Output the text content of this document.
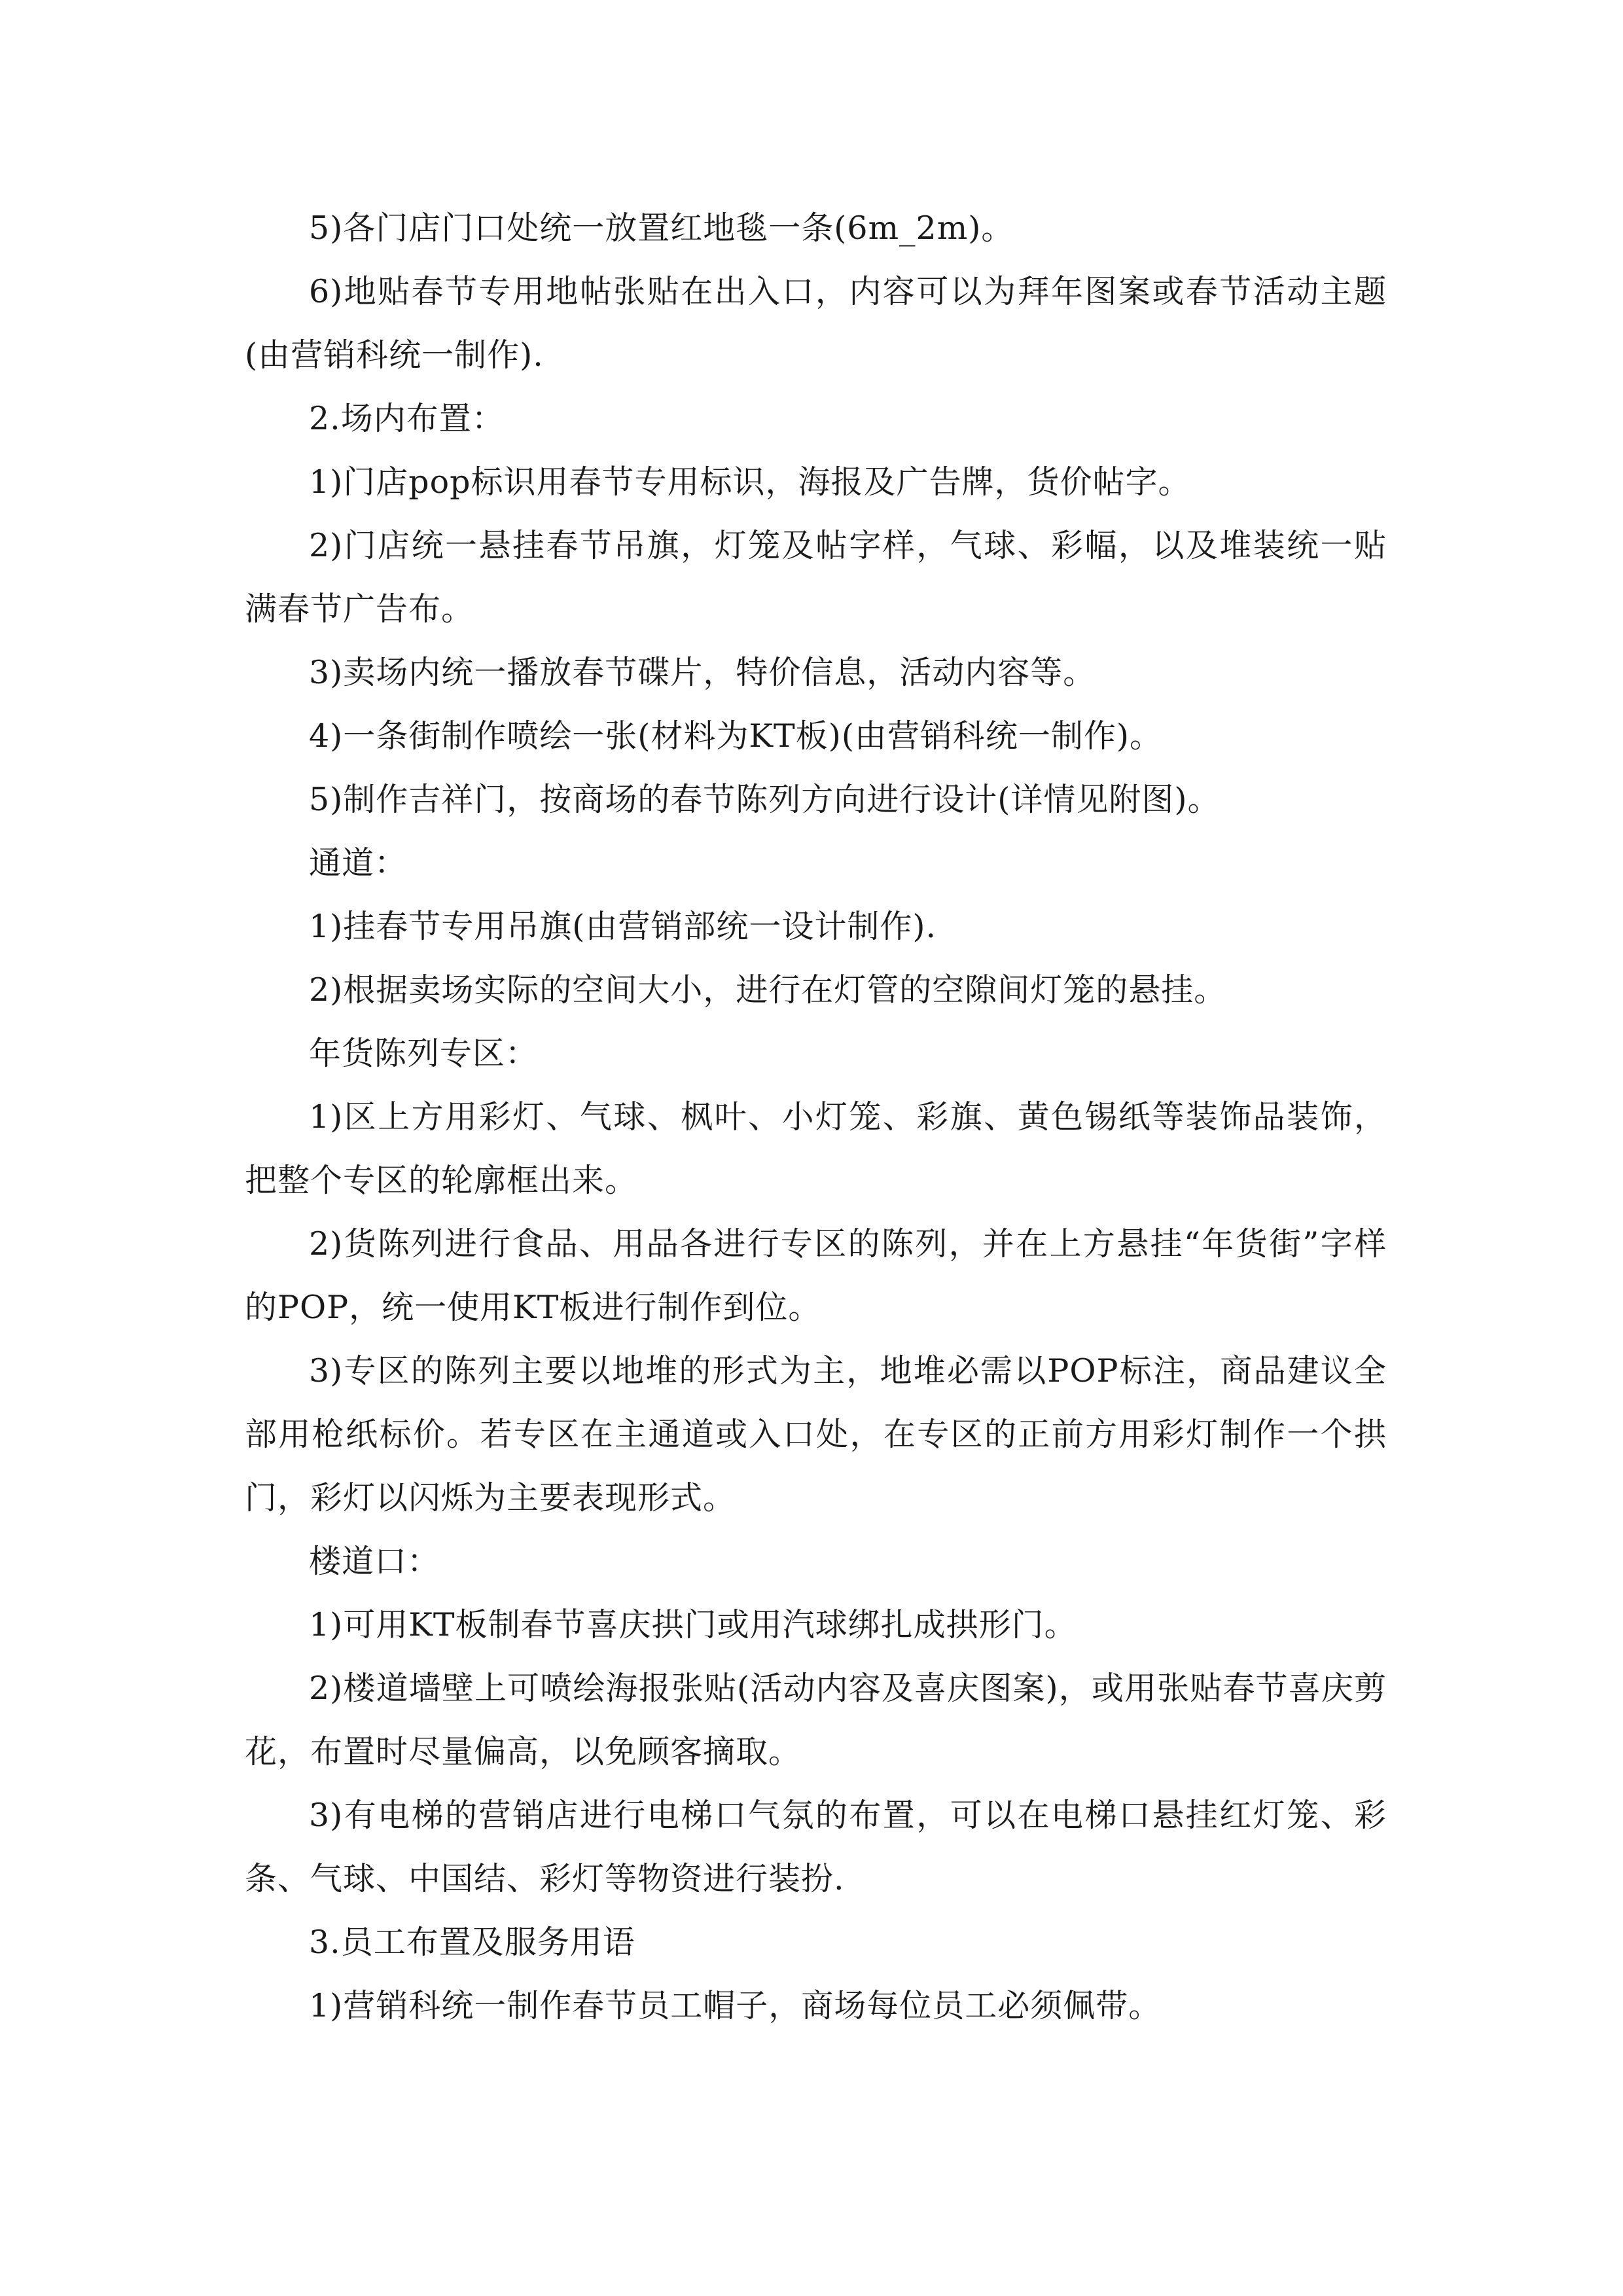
5)各门店门口处统一放置红地毯一条(6m_2m)。

6)地贴春节专用地帖张贴在出入口，内容可以为拜年图案或春节活动主题(由营销科统一制作).

2.场内布置：

1)门店pop标识用春节专用标识，海报及广告牌，货价帖字。

2)门店统一悬挂春节吊旗，灯笼及帖字样，气球、彩幅，以及堆装统一贴满春节广告布。

3)卖场内统一播放春节碟片，特价信息，活动内容等。

4)一条街制作喷绘一张(材料为KT板)(由营销科统一制作)。

5)制作吉祥门，按商场的春节陈列方向进行设计(详情见附图)。

通道：

1)挂春节专用吊旗(由营销部统一设计制作).

2)根据卖场实际的空间大小，进行在灯管的空隙间灯笼的悬挂。

年货陈列专区：

1)区上方用彩灯、气球、枫叶、小灯笼、彩旗、黄色锡纸等装饰品装饰，把整个专区的轮廓框出来。

2)货陈列进行食品、用品各进行专区的陈列，并在上方悬挂“年货街”字样的POP，统一使用KT板进行制作到位。

3)专区的陈列主要以地堆的形式为主，地堆必需以POP标注，商品建议全部用枪纸标价。若专区在主通道或入口处，在专区的正前方用彩灯制作一个拱门，彩灯以闪烁为主要表现形式。

楼道口：

1)可用KT板制春节喜庆拱门或用汽球绑扎成拱形门。

2)楼道墙壁上可喷绘海报张贴(活动内容及喜庆图案)，或用张贴春节喜庆剪花，布置时尽量偏高，以免顾客摘取。

3)有电梯的营销店进行电梯口气氛的布置，可以在电梯口悬挂红灯笼、彩条、气球、中国结、彩灯等物资进行装扮.

3.员工布置及服务用语

1)营销科统一制作春节员工帽子，商场每位员工必须佩带。
